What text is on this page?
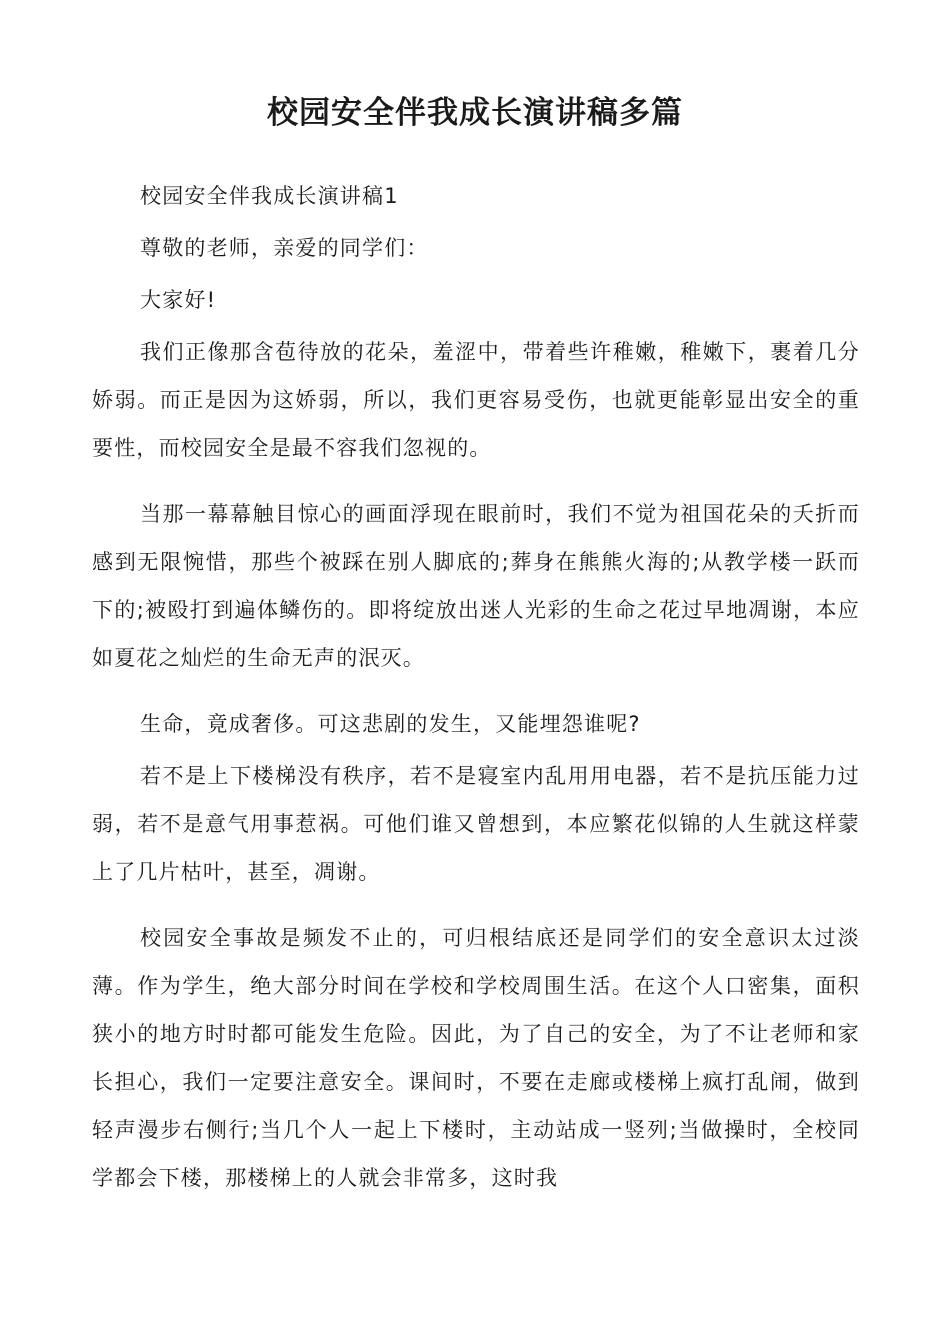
校园安全伴我成长演讲稿多篇

校园安全伴我成长演讲稿1

尊敬的老师，亲爱的同学们：

大家好!

我们正像那含苞待放的花朵，羞涩中，带着些许稚嫩，稚嫩下，裹着几分娇弱。而正是因为这娇弱，所以，我们更容易受伤，也就更能彰显出安全的重要性，而校园安全是最不容我们忽视的。

当那一幕幕触目惊心的画面浮现在眼前时，我们不觉为祖国花朵的夭折而感到无限惋惜，那些个被踩在别人脚底的;葬身在熊熊火海的;从教学楼一跃而下的;被殴打到遍体鳞伤的。即将绽放出迷人光彩的生命之花过早地凋谢，本应如夏花之灿烂的生命无声的泯灭。

生命，竟成奢侈。可这悲剧的发生，又能埋怨谁呢?

若不是上下楼梯没有秩序，若不是寝室内乱用用电器，若不是抗压能力过弱，若不是意气用事惹祸。可他们谁又曾想到，本应繁花似锦的人生就这样蒙上了几片枯叶，甚至，凋谢。

校园安全事故是频发不止的，可归根结底还是同学们的安全意识太过淡薄。作为学生，绝大部分时间在学校和学校周围生活。在这个人口密集，面积狭小的地方时时都可能发生危险。因此，为了自己的安全，为了不让老师和家长担心，我们一定要注意安全。课间时，不要在走廊或楼梯上疯打乱闹，做到轻声漫步右侧行;当几个人一起上下楼时，主动站成一竖列;当做操时，全校同学都会下楼，那楼梯上的人就会非常多，这时我
